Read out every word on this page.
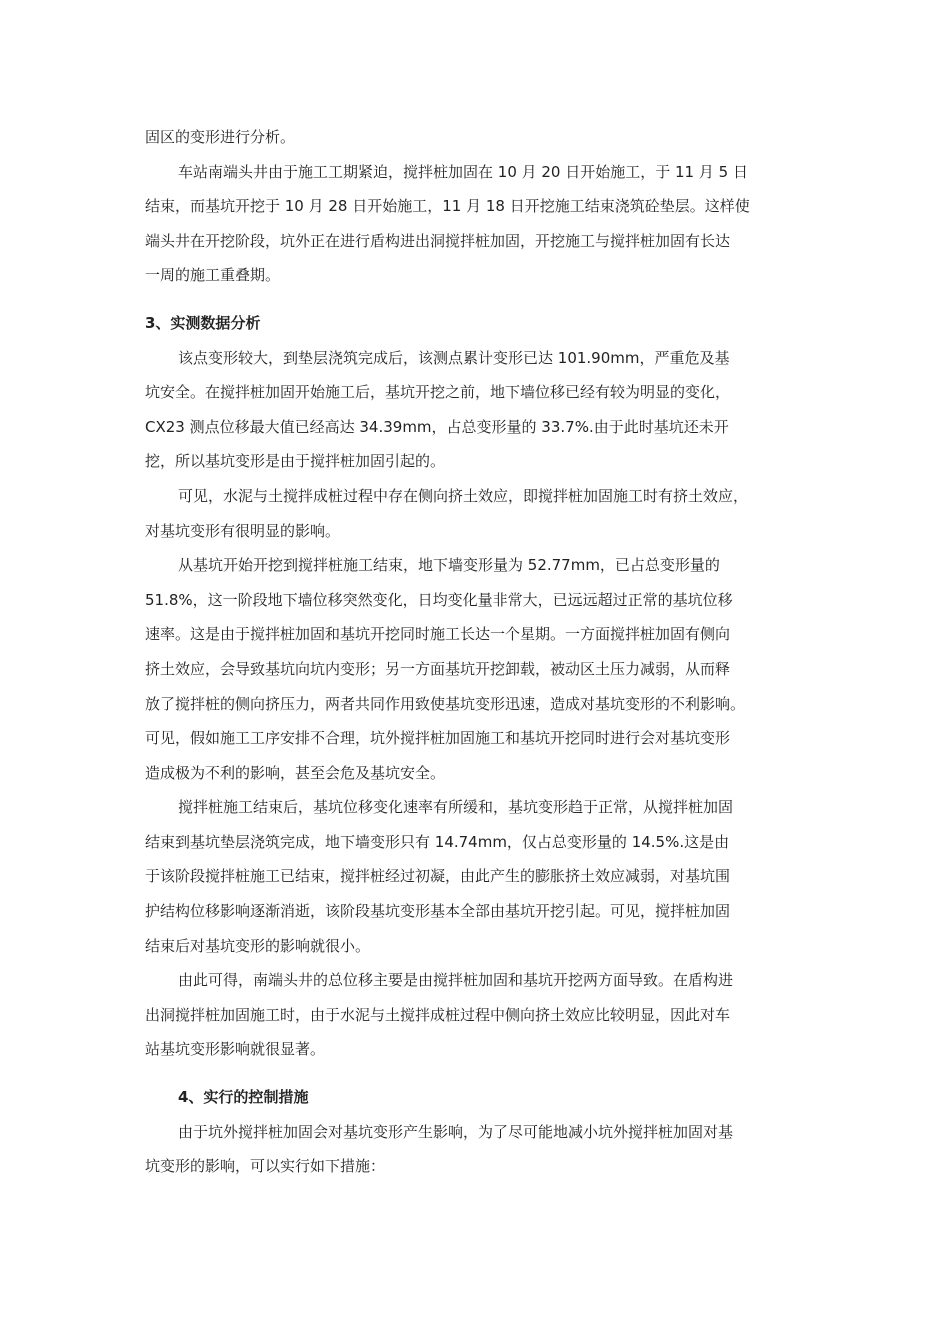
固区的变形进行分析。
车站南端头井由于施工工期紧迫，搅拌桩加固在 10 月 20 日开始施工，于 11 月 5 日
结束，而基坑开挖于 10 月 28 日开始施工，11 月 18 日开挖施工结束浇筑砼垫层。这样使
端头井在开挖阶段，坑外正在进行盾构进出洞搅拌桩加固，开挖施工与搅拌桩加固有长达
一周的施工重叠期。
3、实测数据分析
该点变形较大，到垫层浇筑完成后，该测点累计变形已达 101.90mm，严重危及基
坑安全。在搅拌桩加固开始施工后，基坑开挖之前，地下墙位移已经有较为明显的变化，
CX23 测点位移最大值已经高达 34.39mm，占总变形量的 33.7%.由于此时基坑还未开
挖，所以基坑变形是由于搅拌桩加固引起的。
可见，水泥与土搅拌成桩过程中存在侧向挤土效应，即搅拌桩加固施工时有挤土效应，
对基坑变形有很明显的影响。
从基坑开始开挖到搅拌桩施工结束，地下墙变形量为 52.77mm，已占总变形量的
51.8%，这一阶段地下墙位移突然变化，日均变化量非常大，已远远超过正常的基坑位移
速率。这是由于搅拌桩加固和基坑开挖同时施工长达一个星期。一方面搅拌桩加固有侧向
挤土效应，会导致基坑向坑内变形；另一方面基坑开挖卸载，被动区土压力减弱，从而释
放了搅拌桩的侧向挤压力，两者共同作用致使基坑变形迅速，造成对基坑变形的不利影响。
可见，假如施工工序安排不合理，坑外搅拌桩加固施工和基坑开挖同时进行会对基坑变形
造成极为不利的影响，甚至会危及基坑安全。
搅拌桩施工结束后，基坑位移变化速率有所缓和，基坑变形趋于正常，从搅拌桩加固
结束到基坑垫层浇筑完成，地下墙变形只有 14.74mm，仅占总变形量的 14.5%.这是由
于该阶段搅拌桩施工已结束，搅拌桩经过初凝，由此产生的膨胀挤土效应减弱，对基坑围
护结构位移影响逐渐消逝，该阶段基坑变形基本全部由基坑开挖引起。可见，搅拌桩加固
结束后对基坑变形的影响就很小。
由此可得，南端头井的总位移主要是由搅拌桩加固和基坑开挖两方面导致。在盾构进
出洞搅拌桩加固施工时，由于水泥与土搅拌成桩过程中侧向挤土效应比较明显，因此对车
站基坑变形影响就很显著。
4、实行的控制措施
由于坑外搅拌桩加固会对基坑变形产生影响，为了尽可能地减小坑外搅拌桩加固对基
坑变形的影响，可以实行如下措施：
